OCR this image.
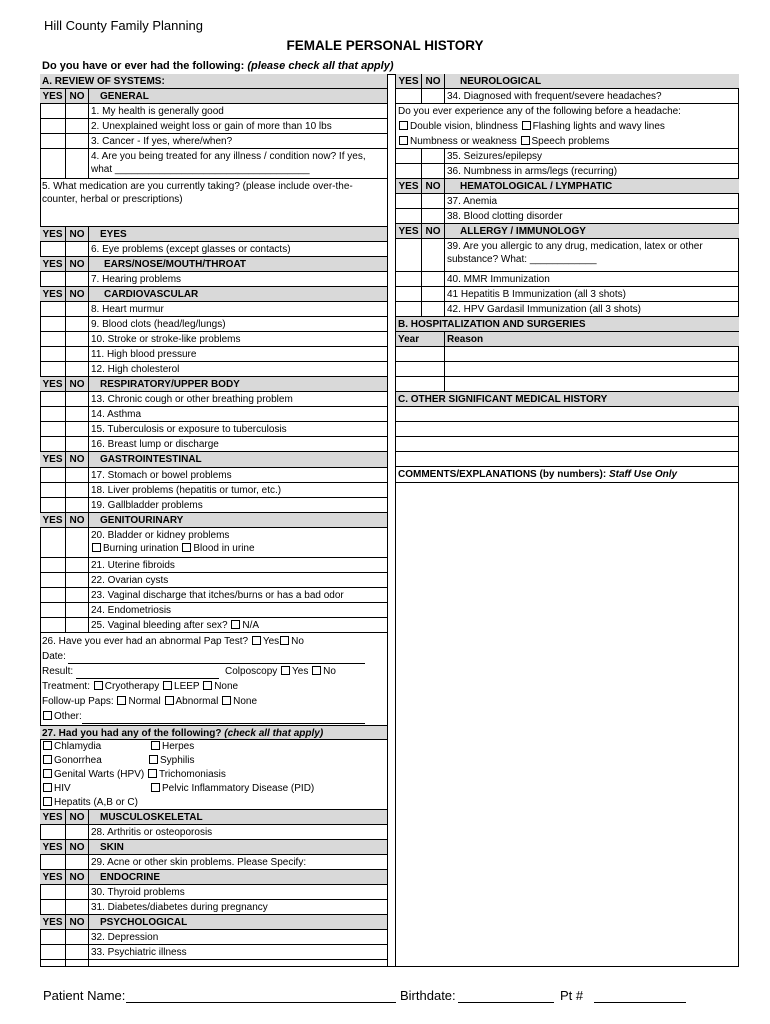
Hill County Family Planning
FEMALE PERSONAL HISTORY
Do you have or ever had the following: (please check all that apply)
A. REVIEW OF SYSTEMS:
YES NO	GENERAL
1. My health is generally good
2. Unexplained weight loss or gain of more than 10 lbs
3. Cancer - If yes, where/when?
4. Are you being treated for any illness / condition now? If yes,
what ___________________________________
5. What medication are you currently taking? (please include over-the-
counter, herbal or prescriptions)
YES NO	EYES
6. Eye problems (except glasses or contacts)
YES NO	EARS/NOSE/MOUTH/THROAT
7. Hearing problems
YES NO	CARDIOVASCULAR
8. Heart murmur
9. Blood clots (head/leg/lungs)
10. Stroke or stroke-like problems
11. High blood pressure
12. High cholesterol
YES NO	RESPIRATORY/UPPER BODY
13. Chronic cough or other breathing problem
14. Asthma
15. Tuberculosis or exposure to tuberculosis
16. Breast lump or discharge
YES NO	GASTROINTESTINAL
17. Stomach or bowel problems
18. Liver problems (hepatitis or tumor, etc.)
19. Gallbladder problems
YES NO	GENITOURINARY
20. Bladder or kidney problems
Burning urination Blood in urine
21. Uterine fibroids
22. Ovarian cysts
23. Vaginal discharge that itches/burns or has a bad odor
24. Endometriosis
25. Vaginal bleeding after sex? N/A
26. Have you ever had an abnormal Pap Test? Yes No
Date:
Result:	Colposcopy Yes No
Treatment: Cryotherapy LEEP None
Follow-up Paps: Normal Abnormal None
Other:
27. Had you had any of the following? (check all that apply)
Chlamydia	Herpes
Gonorrhea	Syphilis
Genital Warts (HPV) Trichomoniasis
HIV	Pelvic Inflammatory Disease (PID)
Hepatits (A,B or C)
YES NO	MUSCULOSKELETAL
28. Arthritis or osteoporosis
YES NO	SKIN
29. Acne or other skin problems. Please Specify:
YES NO	ENDOCRINE
30. Thyroid problems
31. Diabetes/diabetes during pregnancy
YES NO	PSYCHOLOGICAL
32. Depression
33. Psychiatric illness
YES NO	NEUROLOGICAL
34. Diagnosed with frequent/severe headaches?
Do you ever experience any of the following before a headache:
Double vision, blindness Flashing lights and wavy lines
Numbness or weakness Speech problems
35. Seizures/epilepsy
36. Numbness in arms/legs (recurring)
YES NO	HEMATOLOGICAL / LYMPHATIC
37. Anemia
38. Blood clotting disorder
YES NO	ALLERGY / IMMUNOLOGY
39. Are you allergic to any drug, medication, latex or other
substance? What: ____________
40. MMR Immunization
41 Hepatitis B Immunization (all 3 shots)
42. HPV Gardasil Immunization (all 3 shots)
B. HOSPITALIZATION AND SURGERIES
Year	Reason
C. OTHER SIGNIFICANT MEDICAL HISTORY
COMMENTS/EXPLANATIONS (by numbers): Staff Use Only
Patient Name:	Birthdate:	Pt #
